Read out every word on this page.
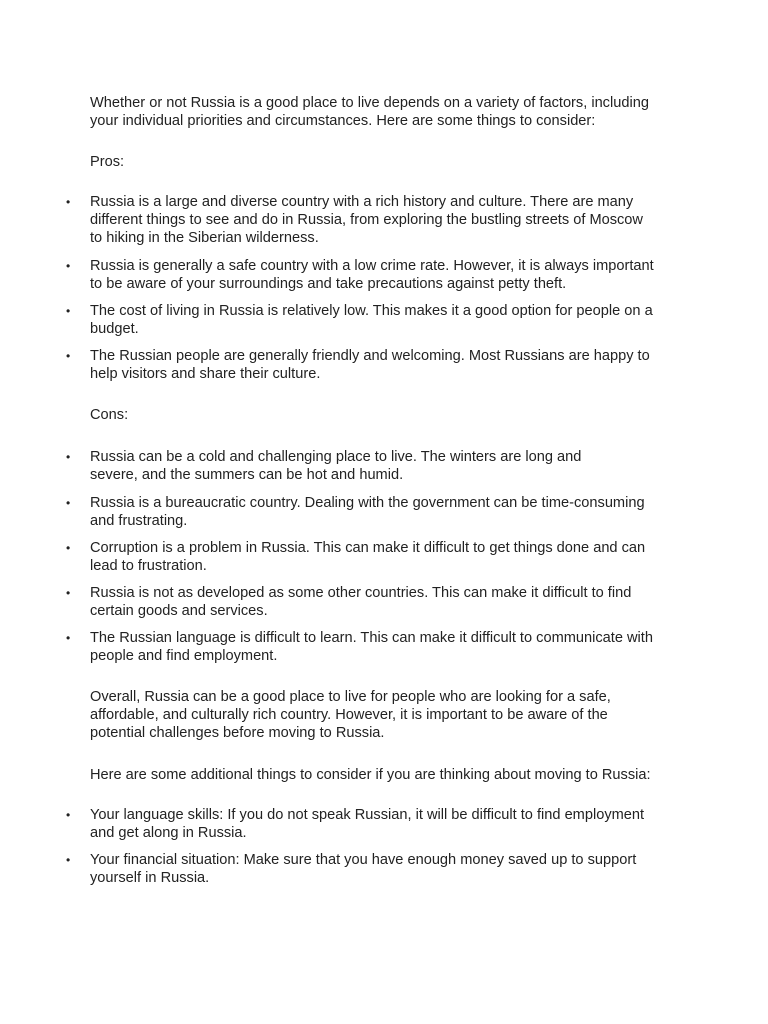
Whether or not Russia is a good place to live depends on a variety of factors, including
your individual priorities and circumstances. Here are some things to consider:

Pros:

• Russia is a large and diverse country with a rich history and culture. There are many
different things to see and do in Russia, from exploring the bustling streets of Moscow
to hiking in the Siberian wilderness.

• Russia is generally a safe country with a low crime rate. However, it is always important
to be aware of your surroundings and take precautions against petty theft.

• The cost of living in Russia is relatively low. This makes it a good option for people on a
budget.

• The Russian people are generally friendly and welcoming. Most Russians are happy to
help visitors and share their culture.

Cons:

• Russia can be a cold and challenging place to live. The winters are long and
severe, and the summers can be hot and humid.

• Russia is a bureaucratic country. Dealing with the government can be time-consuming
and frustrating.

• Corruption is a problem in Russia. This can make it difficult to get things done and can
lead to frustration.

• Russia is not as developed as some other countries. This can make it difficult to find
certain goods and services.

• The Russian language is difficult to learn. This can make it difficult to communicate with
people and find employment.

Overall, Russia can be a good place to live for people who are looking for a safe,
affordable, and culturally rich country. However, it is important to be aware of the
potential challenges before moving to Russia.

Here are some additional things to consider if you are thinking about moving to Russia:

• Your language skills: If you do not speak Russian, it will be difficult to find employment
and get along in Russia.

• Your financial situation: Make sure that you have enough money saved up to support
yourself in Russia.
